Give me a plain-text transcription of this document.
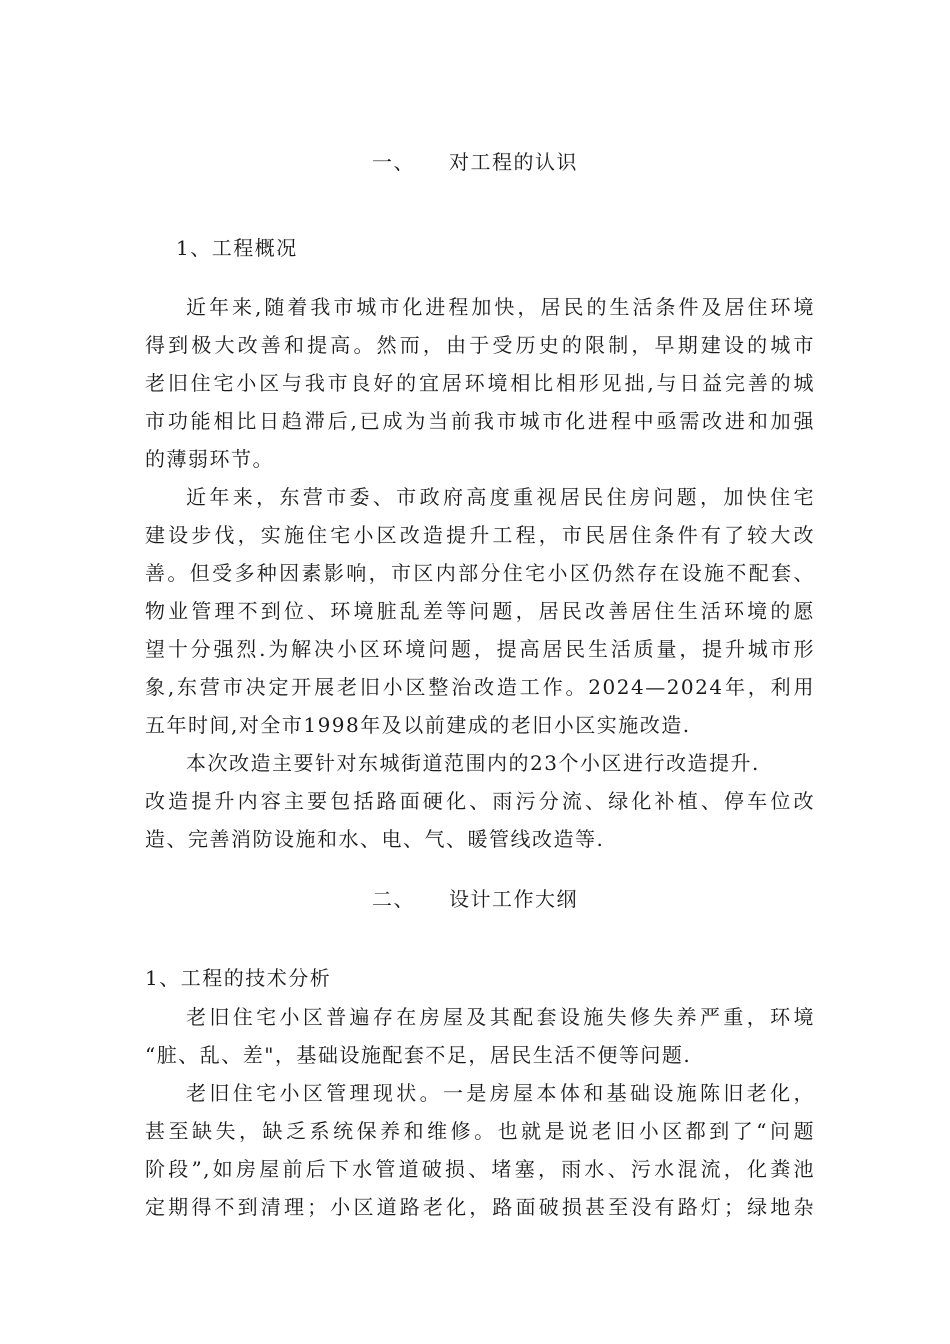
一、 对工程的认识
1、工程概况
近年来,随着我市城市化进程加快，居民的生活条件及居住环境
得到极大改善和提高。然而，由于受历史的限制，早期建设的城市
老旧住宅小区与我市良好的宜居环境相比相形见拙,与日益完善的城
市功能相比日趋滞后,已成为当前我市城市化进程中亟需改进和加强
的薄弱环节。
近年来，东营市委、市政府高度重视居民住房问题，加快住宅
建设步伐，实施住宅小区改造提升工程，市民居住条件有了较大改
善。但受多种因素影响，市区内部分住宅小区仍然存在设施不配套、
物业管理不到位、环境脏乱差等问题，居民改善居住生活环境的愿
望十分强烈.为解决小区环境问题，提高居民生活质量，提升城市形
象,东营市决定开展老旧小区整治改造工作。2024—2024年，利用
五年时间,对全市1998年及以前建成的老旧小区实施改造.
本次改造主要针对东城街道范围内的23个小区进行改造提升.
改造提升内容主要包括路面硬化、雨污分流、绿化补植、停车位改
造、完善消防设施和水、电、气、暖管线改造等.
二、 设计工作大纲
1、工程的技术分析
老旧住宅小区普遍存在房屋及其配套设施失修失养严重，环境
“脏、乱、差"，基础设施配套不足，居民生活不便等问题.
老旧住宅小区管理现状。一是房屋本体和基础设施陈旧老化，
甚至缺失，缺乏系统保养和维修。也就是说老旧小区都到了“问题
阶段”,如房屋前后下水管道破损、堵塞，雨水、污水混流，化粪池
定期得不到清理；小区道路老化，路面破损甚至没有路灯；绿地杂
